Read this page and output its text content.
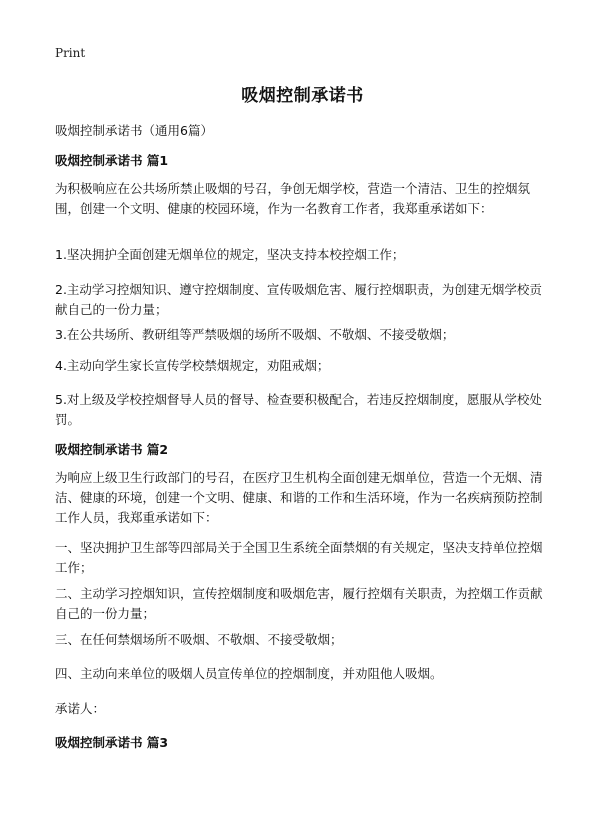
Print
吸烟控制承诺书
吸烟控制承诺书（通用6篇）
吸烟控制承诺书 篇1
为积极响应在公共场所禁止吸烟的号召，争创无烟学校，营造一个清洁、卫生的控烟氛围，创建一个文明、健康的校园环境，作为一名教育工作者，我郑重承诺如下：
1.坚决拥护全面创建无烟单位的规定，坚决支持本校控烟工作；
2.主动学习控烟知识、遵守控烟制度、宣传吸烟危害、履行控烟职责，为创建无烟学校贡献自己的一份力量；
3.在公共场所、教研组等严禁吸烟的场所不吸烟、不敬烟、不接受敬烟；
4.主动向学生家长宣传学校禁烟规定，劝阻戒烟；
5.对上级及学校控烟督导人员的督导、检查要积极配合，若违反控烟制度，愿服从学校处罚。
吸烟控制承诺书 篇2
为响应上级卫生行政部门的号召，在医疗卫生机构全面创建无烟单位，营造一个无烟、清洁、健康的环境，创建一个文明、健康、和谐的工作和生活环境，作为一名疾病预防控制工作人员，我郑重承诺如下：
一、坚决拥护卫生部等四部局关于全国卫生系统全面禁烟的有关规定，坚决支持单位控烟工作；
二、主动学习控烟知识，宣传控烟制度和吸烟危害，履行控烟有关职责，为控烟工作贡献自己的一份力量；
三、在任何禁烟场所不吸烟、不敬烟、不接受敬烟；
四、主动向来单位的吸烟人员宣传单位的控烟制度，并劝阻他人吸烟。
承诺人：
吸烟控制承诺书 篇3
